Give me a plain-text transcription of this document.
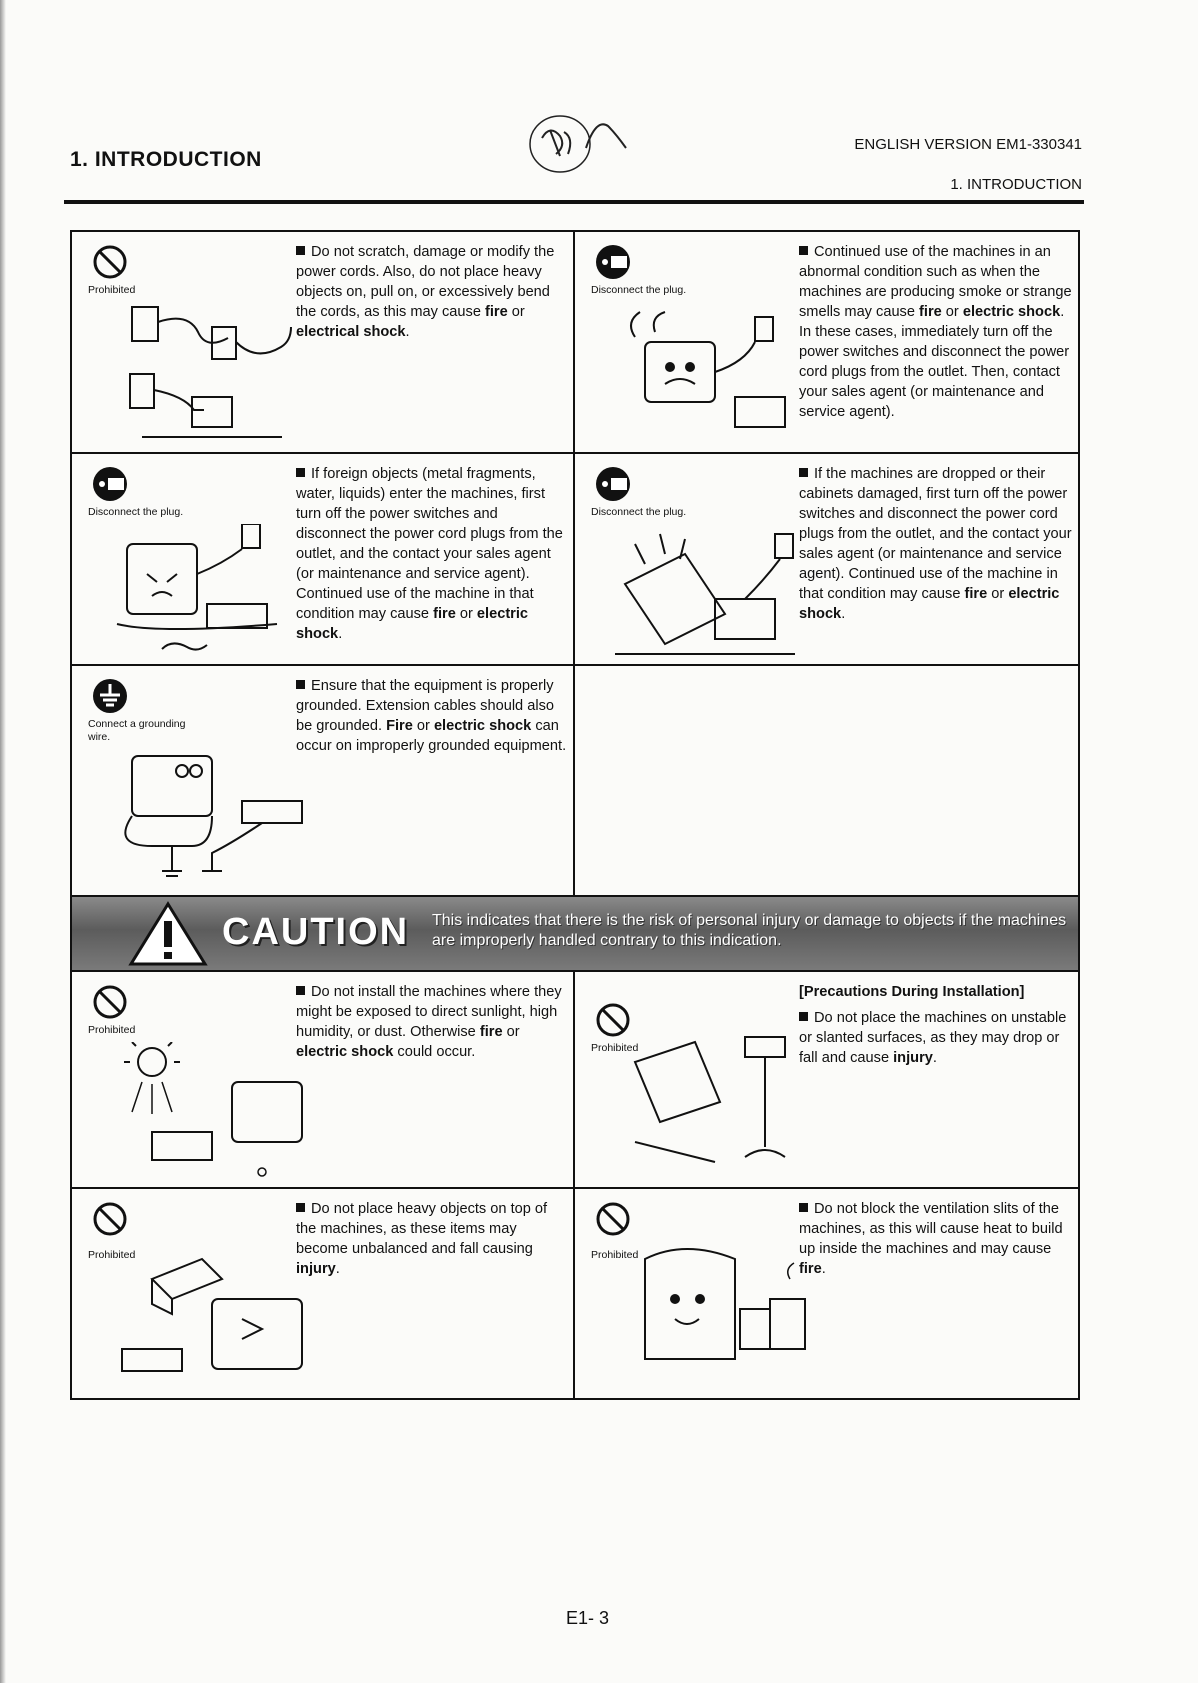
1. INTRODUCTION
ENGLISH VERSION EM1-330341
1. INTRODUCTION
Prohibited

Do not scratch, damage or modify the power cords. Also, do not place heavy objects on, pull on, or excessively bend the cords, as this may cause fire or electrical shock.

Disconnect the plug.

Continued use of the machines in an abnormal condition such as when the machines are producing smoke or strange smells may cause fire or electric shock. In these cases, immediately turn off the power switches and disconnect the power cord plugs from the outlet. Then, contact your sales agent (or maintenance and service agent).

Disconnect the plug.

If foreign objects (metal fragments, water, liquids) enter the machines, first turn off the power switches and disconnect the power cord plugs from the outlet, and the contact your sales agent (or maintenance and service agent). Continued use of the machine in that condition may cause fire or electric shock.

Disconnect the plug.

If the machines are dropped or their cabinets damaged, first turn off the power switches and disconnect the power cord plugs from the outlet, and the contact your sales agent (or maintenance and service agent). Continued use of the machine in that condition may cause fire or electric shock.

Connect a grounding wire.

Ensure that the equipment is properly grounded. Extension cables should also be grounded. Fire or electric shock can occur on improperly grounded equipment.

CAUTION This indicates that there is the risk of personal injury or damage to objects if the machines are improperly handled contrary to this indication.
Prohibited

Do not install the machines where they might be exposed to direct sunlight, high humidity, or dust. Otherwise fire or electric shock could occur.	Prohibited

[Precautions During Installation]

Do not place the machines on unstable or slanted surfaces, as they may drop or fall and cause injury.

Prohibited

Do not place heavy objects on top of the machines, as these items may become unbalanced and fall causing injury.

Prohibited

Do not block the ventilation slits of the machines, as this will cause heat to build up inside the machines and may cause fire.

E1- 3
